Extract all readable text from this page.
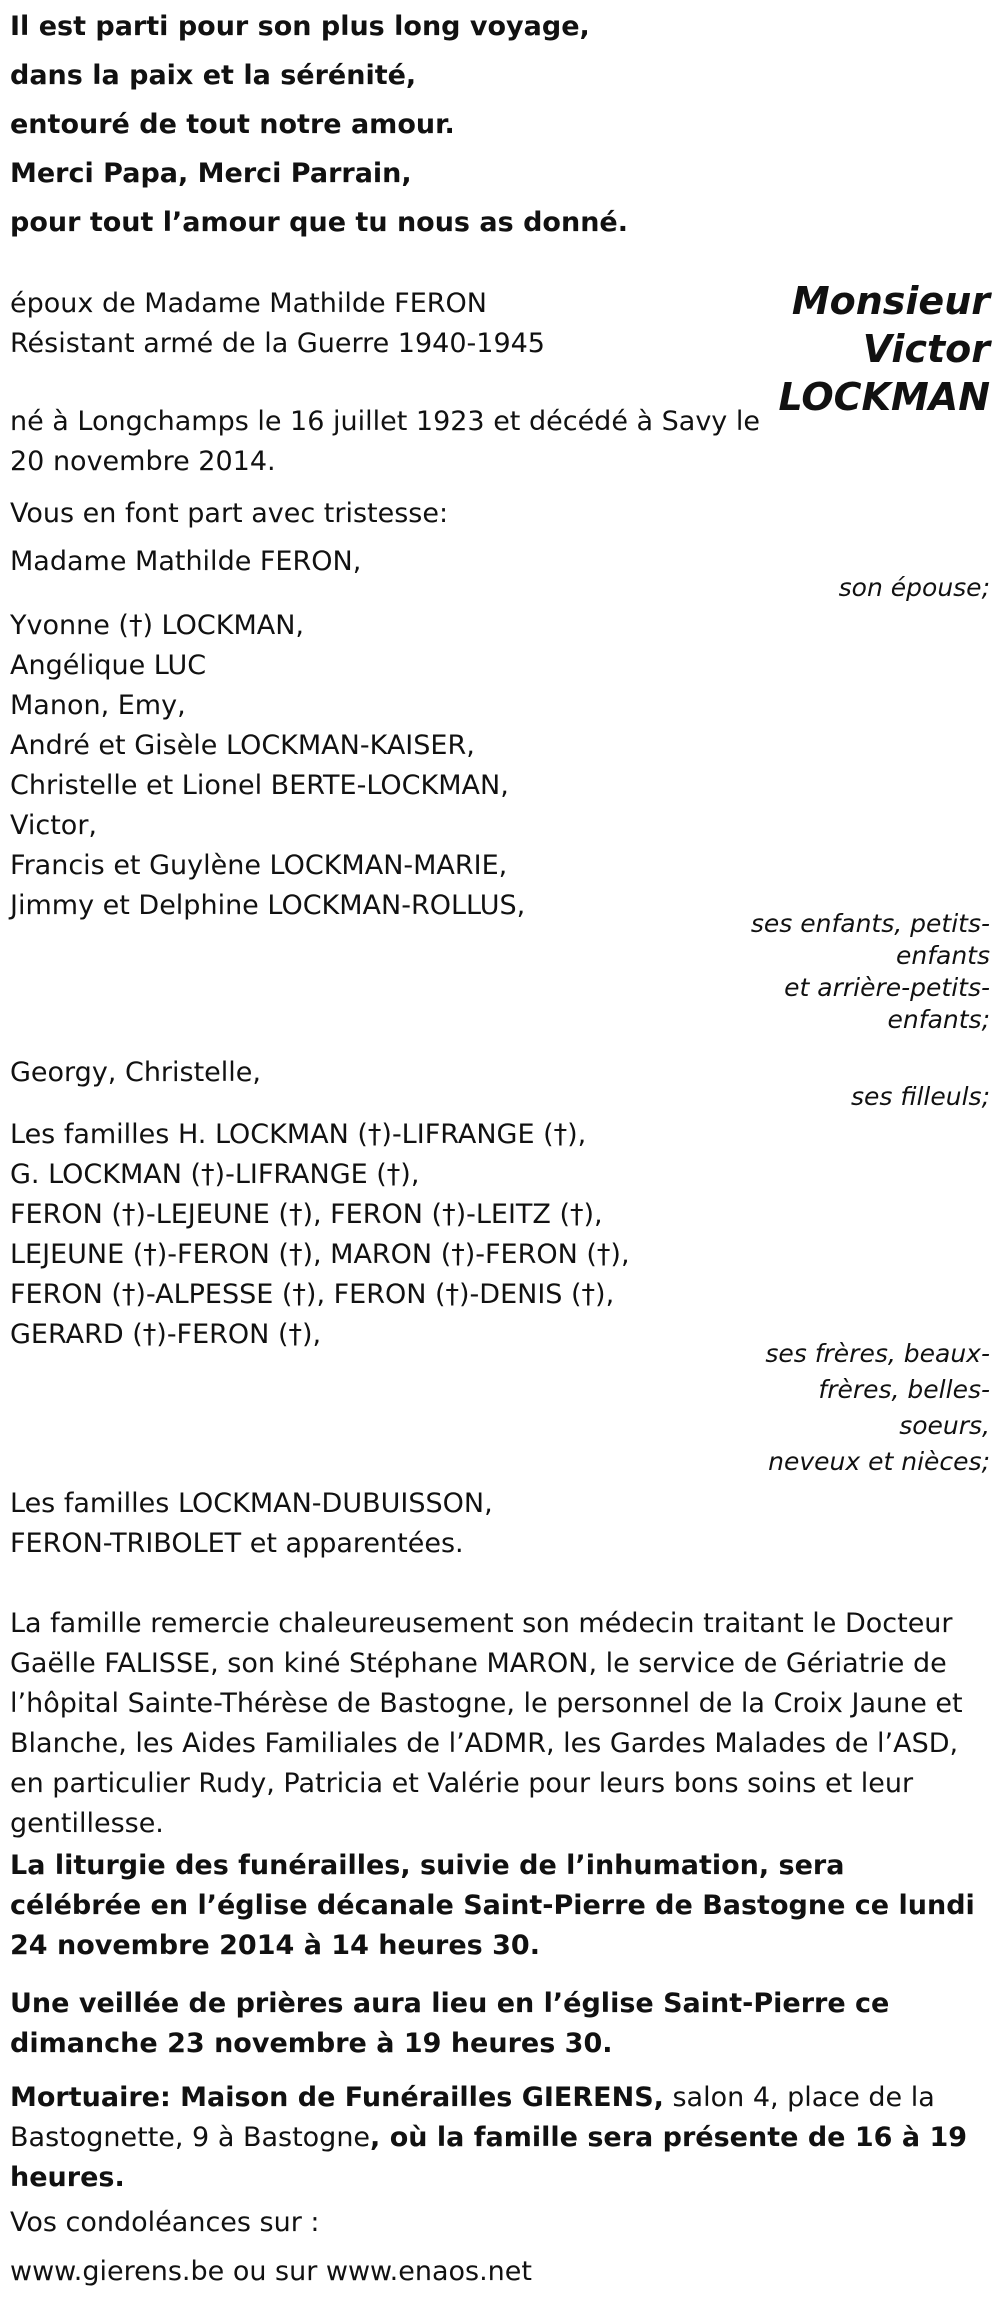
Il est parti pour son plus long voyage,
dans la paix et la sérénité,
entouré de tout notre amour.
Merci Papa, Merci Parrain,
pour tout l’amour que tu nous as donné.
époux de Madame Mathilde FERON
Résistant armé de la Guerre 1940-1945
Monsieur
Victor
LOCKMAN
né à Longchamps le 16 juillet 1923 et décédé à Savy le
20 novembre 2014.
Vous en font part avec tristesse:
Madame Mathilde FERON,
son épouse;
Yvonne (†) LOCKMAN,
Angélique LUC
Manon, Emy,
André et Gisèle LOCKMAN-KAISER,
Christelle et Lionel BERTE-LOCKMAN,
Victor,
Francis et Guylène LOCKMAN-MARIE,
Jimmy et Delphine LOCKMAN-ROLLUS,
ses enfants, petits-
enfants
et arrière-petits-
enfants;
Georgy, Christelle,
ses filleuls;
Les familles H. LOCKMAN (†)-LIFRANGE (†),
G. LOCKMAN (†)-LIFRANGE (†),
FERON (†)-LEJEUNE (†), FERON (†)-LEITZ (†),
LEJEUNE (†)-FERON (†), MARON (†)-FERON (†),
FERON (†)-ALPESSE (†), FERON (†)-DENIS (†),
GERARD (†)-FERON (†),
ses frères, beaux-
frères, belles-
soeurs,
neveux et nièces;
Les familles LOCKMAN-DUBUISSON,
FERON-TRIBOLET et apparentées.
La famille remercie chaleureusement son médecin traitant le Docteur Gaëlle FALISSE, son kiné Stéphane MARON, le service de Gériatrie de l’hôpital Sainte-Thérèse de Bastogne, le personnel de la Croix Jaune et Blanche, les Aides Familiales de l’ADMR, les Gardes Malades de l’ASD, en particulier Rudy, Patricia et Valérie pour leurs bons soins et leur gentillesse.
La liturgie des funérailles, suivie de l’inhumation, sera célébrée en l’église décanale Saint-Pierre de Bastogne ce lundi 24 novembre 2014 à 14 heures 30.
Une veillée de prières aura lieu en l’église Saint-Pierre ce dimanche 23 novembre à 19 heures 30.
Mortuaire: Maison de Funérailles GIERENS, salon 4, place de la Bastognette, 9 à Bastogne, où la famille sera présente de 16 à 19 heures.
Vos condoléances sur :
www.gierens.be ou sur www.enaos.net
